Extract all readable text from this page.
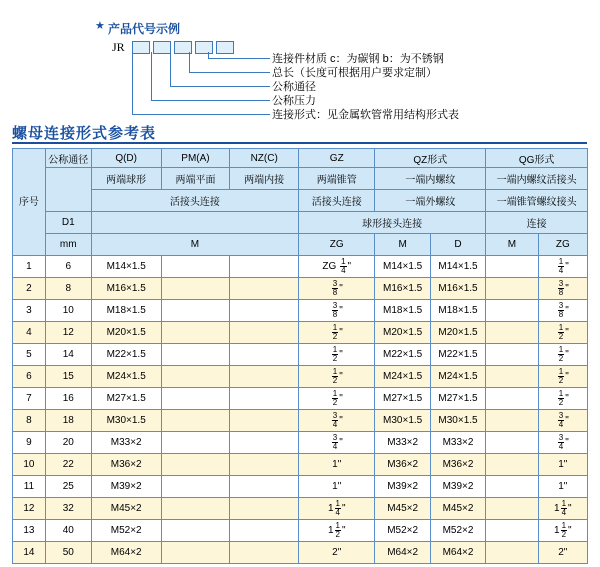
★ 产品代号示例
JR
连接件材质 c：为碳钢 b：为不锈钢
总长（长度可根据用户要求定制）
公称通径
公称压力
连接形式：见金属软管常用结构形式表
螺母连接形式参考表
序号	公称通径	Q(D)	PM(A)	NZ(C)	GZ	QZ形式		QG形式	
		两端球形	两端平面	两端内接	两端锥管	一端内螺纹		一端内螺纹活接头	
		活接头连接			活接头连接	一端外螺纹		一端锥管螺纹接头	
	D1				球形接头连接			连接	
	mm	M			ZG	M	D	M	ZG
1	6	M14×1.5			ZG $\frac{1}{4}$ "	M14×1.5	M14×1.5		$\frac{1}{4}$ "
2	8	M16×1.5			$\frac{3}{8}$ "	M16×1.5	M16×1.5		$\frac{3}{8}$ "
3	10	M18×1.5			$\frac{3}{8}$ "	M18×1.5	M18×1.5		$\frac{3}{8}$ "
4	12	M20×1.5			$\frac{1}{2}$ "	M20×1.5	M20×1.5		$\frac{1}{2}$ "
5	14	M22×1.5			$\frac{1}{2}$ "	M22×1.5	M22×1.5		$\frac{1}{2}$ "
6	15	M24×1.5			$\frac{1}{2}$ "	M24×1.5	M24×1.5		$\frac{1}{2}$ "
7	16	M27×1.5			$\frac{1}{2}$ "	M27×1.5	M27×1.5		$\frac{1}{2}$ "
8	18	M30×1.5			$\frac{3}{4}$ "	M30×1.5	M30×1.5		$\frac{3}{4}$ "
9	20	M33×2			$\frac{3}{4}$ "	M33×2	M33×2		$\frac{3}{4}$ "
10	22	M36×2			1"	M36×2	M36×2		1"
11	25	M39×2			1"	M39×2	M39×2		1"
12	32	M45×2			$1 \frac{1}{4}$ "	M45×2	M45×2		$1 \frac{1}{4}$ "
13	40	M52×2			$1 \frac{1}{2}$ "	M52×2	M52×2		$1 \frac{1}{2}$ "
14	50	M64×2			2"	M64×2	M64×2		2"
